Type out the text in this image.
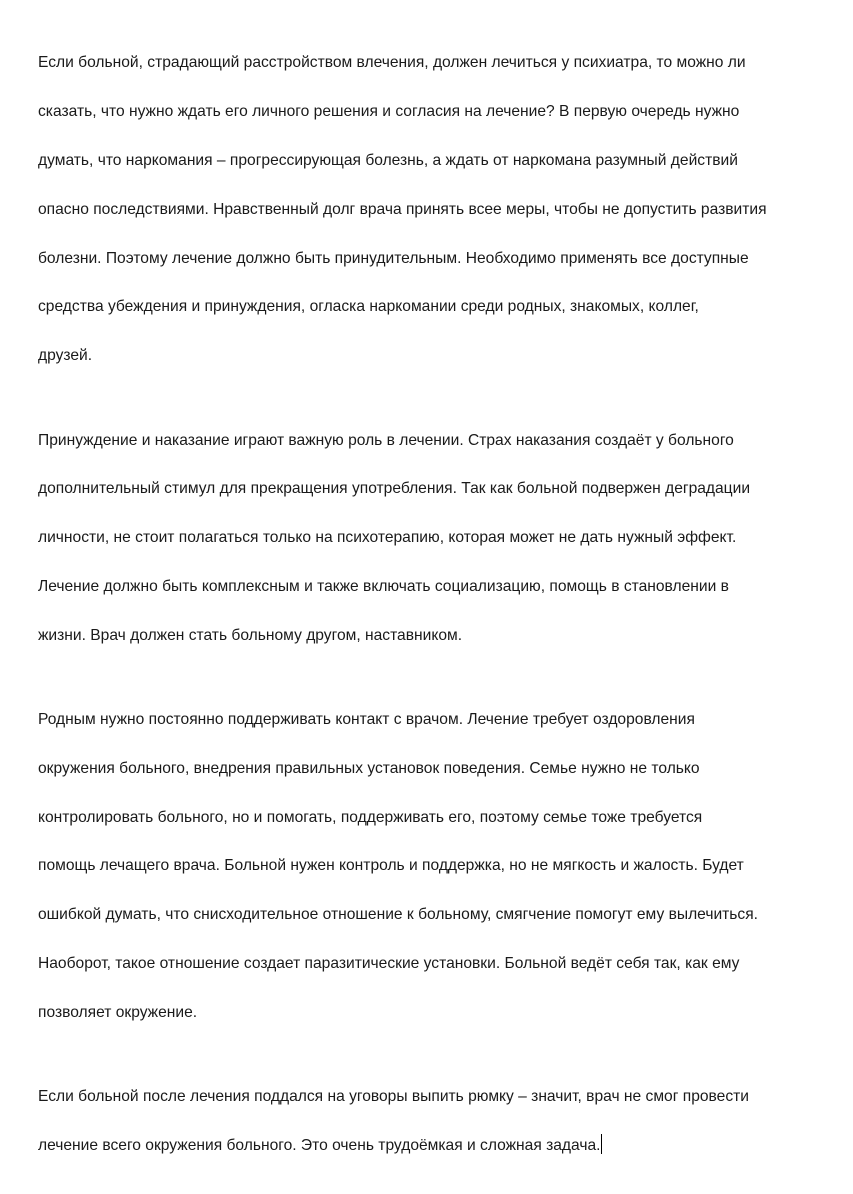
Если больной, страдающий расстройством влечения, должен лечиться у психиатра, то можно ли

сказать, что нужно ждать его личного решения и согласия на лечение? В первую очередь нужно

думать, что наркомания – прогрессирующая болезнь, а ждать от наркомана разумный действий

опасно последствиями. Нравственный долг врача принять всее меры, чтобы не допустить развития

болезни. Поэтому лечение должно быть принудительным. Необходимо применять все доступные

средства убеждения и принуждения, огласка наркомании среди родных, знакомых, коллег,

друзей.

Принуждение и наказание играют важную роль в лечении. Страх наказания создаёт у больного

дополнительный стимул для прекращения употребления. Так как больной подвержен деградации

личности, не стоит полагаться только на психотерапию, которая может не дать нужный эффект.

Лечение должно быть комплексным и также включать социализацию, помощь в становлении в

жизни. Врач должен стать больному другом, наставником.

Родным нужно постоянно поддерживать контакт с врачом. Лечение требует оздоровления

окружения больного, внедрения правильных установок поведения. Семье нужно не только

контролировать больного, но и помогать, поддерживать его, поэтому семье тоже требуется

помощь лечащего врача. Больной нужен контроль и поддержка, но не мягкость и жалость. Будет

ошибкой думать, что снисходительное отношение к больному, смягчение помогут ему вылечиться.

Наоборот, такое отношение создает паразитические установки. Больной ведёт себя так, как ему

позволяет окружение.

Если больной после лечения поддался на уговоры выпить рюмку – значит, врач не смог провести

лечение всего окружения больного. Это очень трудоёмкая и сложная задача.
